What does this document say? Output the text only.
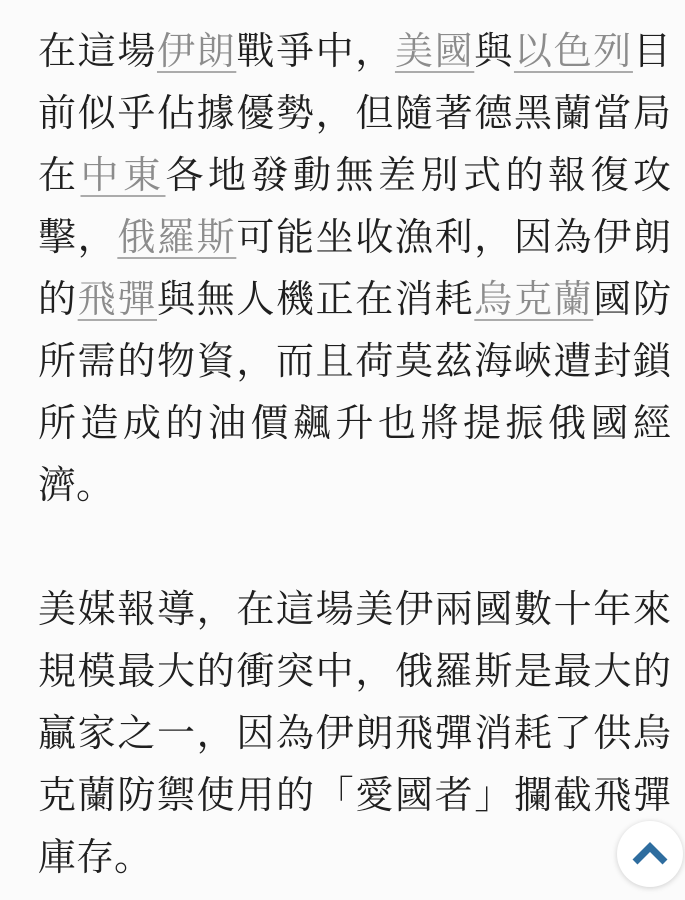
在這場伊朗戰爭中，美國與以色列目前似乎佔據優勢，但隨著德黑蘭當局在中東各地發動無差別式的報復攻擊，俄羅斯可能坐收漁利，因為伊朗的飛彈與無人機正在消耗烏克蘭國防所需的物資，而且荷莫茲海峽遭封鎖所造成的油價飆升也將提振俄國經濟。

美媒報導，在這場美伊兩國數十年來規模最大的衝突中，俄羅斯是最大的贏家之一，因為伊朗飛彈消耗了供烏克蘭防禦使用的「愛國者」攔截飛彈庫存。
